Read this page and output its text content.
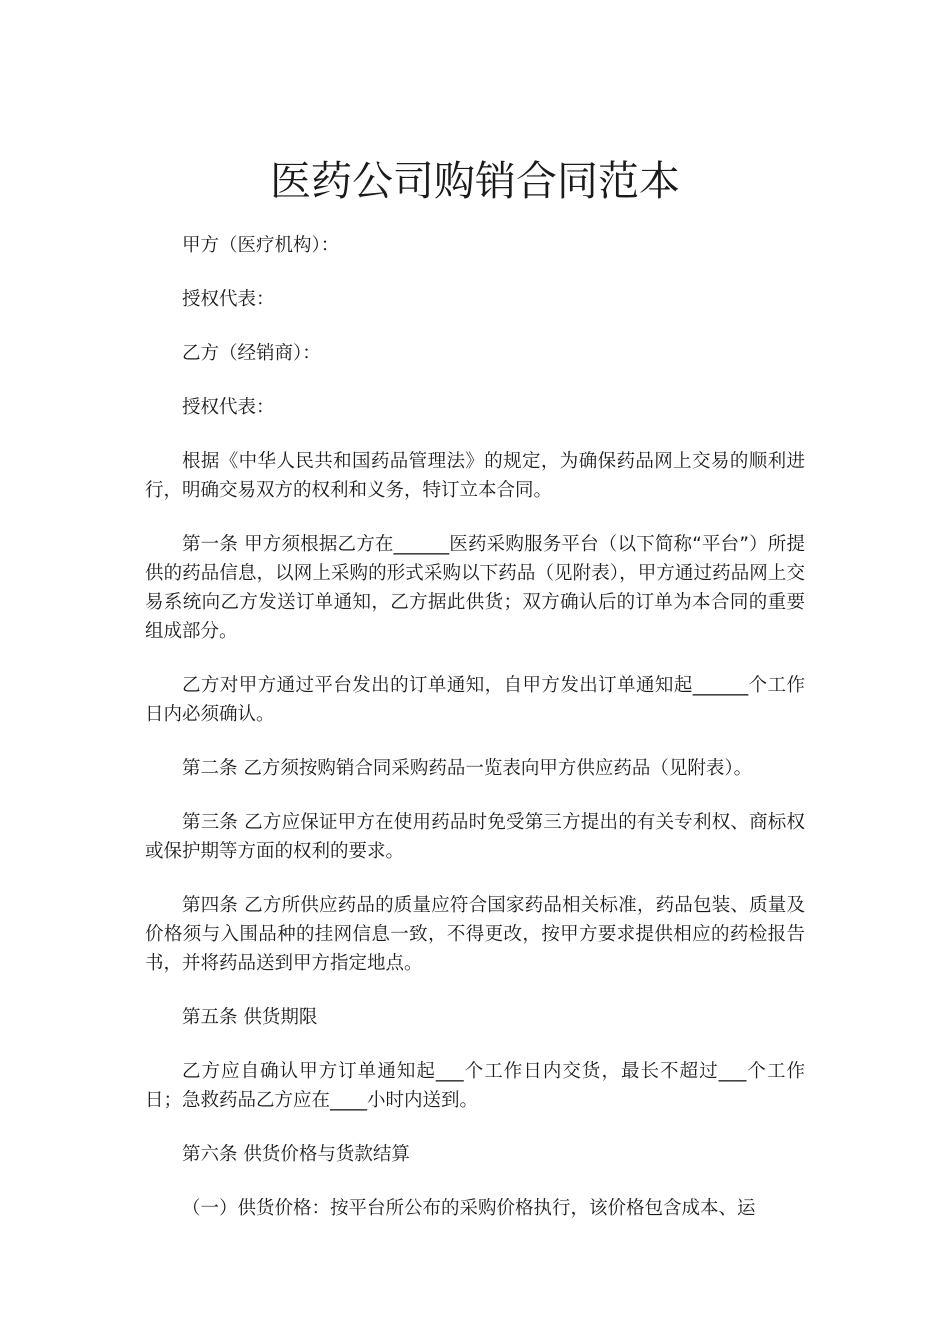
医药公司购销合同范本

甲方（医疗机构）：

授权代表：

乙方（经销商）：

授权代表：

根据《中华人民共和国药品管理法》的规定，为确保药品网上交易的顺利进行，明确交易双方的权利和义务，特订立本合同。

第一条 甲方须根据乙方在______医药采购服务平台（以下简称“平台”）所提供的药品信息，以网上采购的形式采购以下药品（见附表），甲方通过药品网上交易系统向乙方发送订单通知，乙方据此供货；双方确认后的订单为本合同的重要组成部分。

乙方对甲方通过平台发出的订单通知，自甲方发出订单通知起______个工作日内必须确认。

第二条 乙方须按购销合同采购药品一览表向甲方供应药品（见附表）。

第三条 乙方应保证甲方在使用药品时免受第三方提出的有关专利权、商标权或保护期等方面的权利的要求。

第四条 乙方所供应药品的质量应符合国家药品相关标准，药品包装、质量及价格须与入围品种的挂网信息一致，不得更改，按甲方要求提供相应的药检报告书，并将药品送到甲方指定地点。

第五条 供货期限

乙方应自确认甲方订单通知起___个工作日内交货，最长不超过___个工作日；急救药品乙方应在____小时内送到。

第六条 供货价格与货款结算

（一）供货价格：按平台所公布的采购价格执行，该价格包含成本、运
